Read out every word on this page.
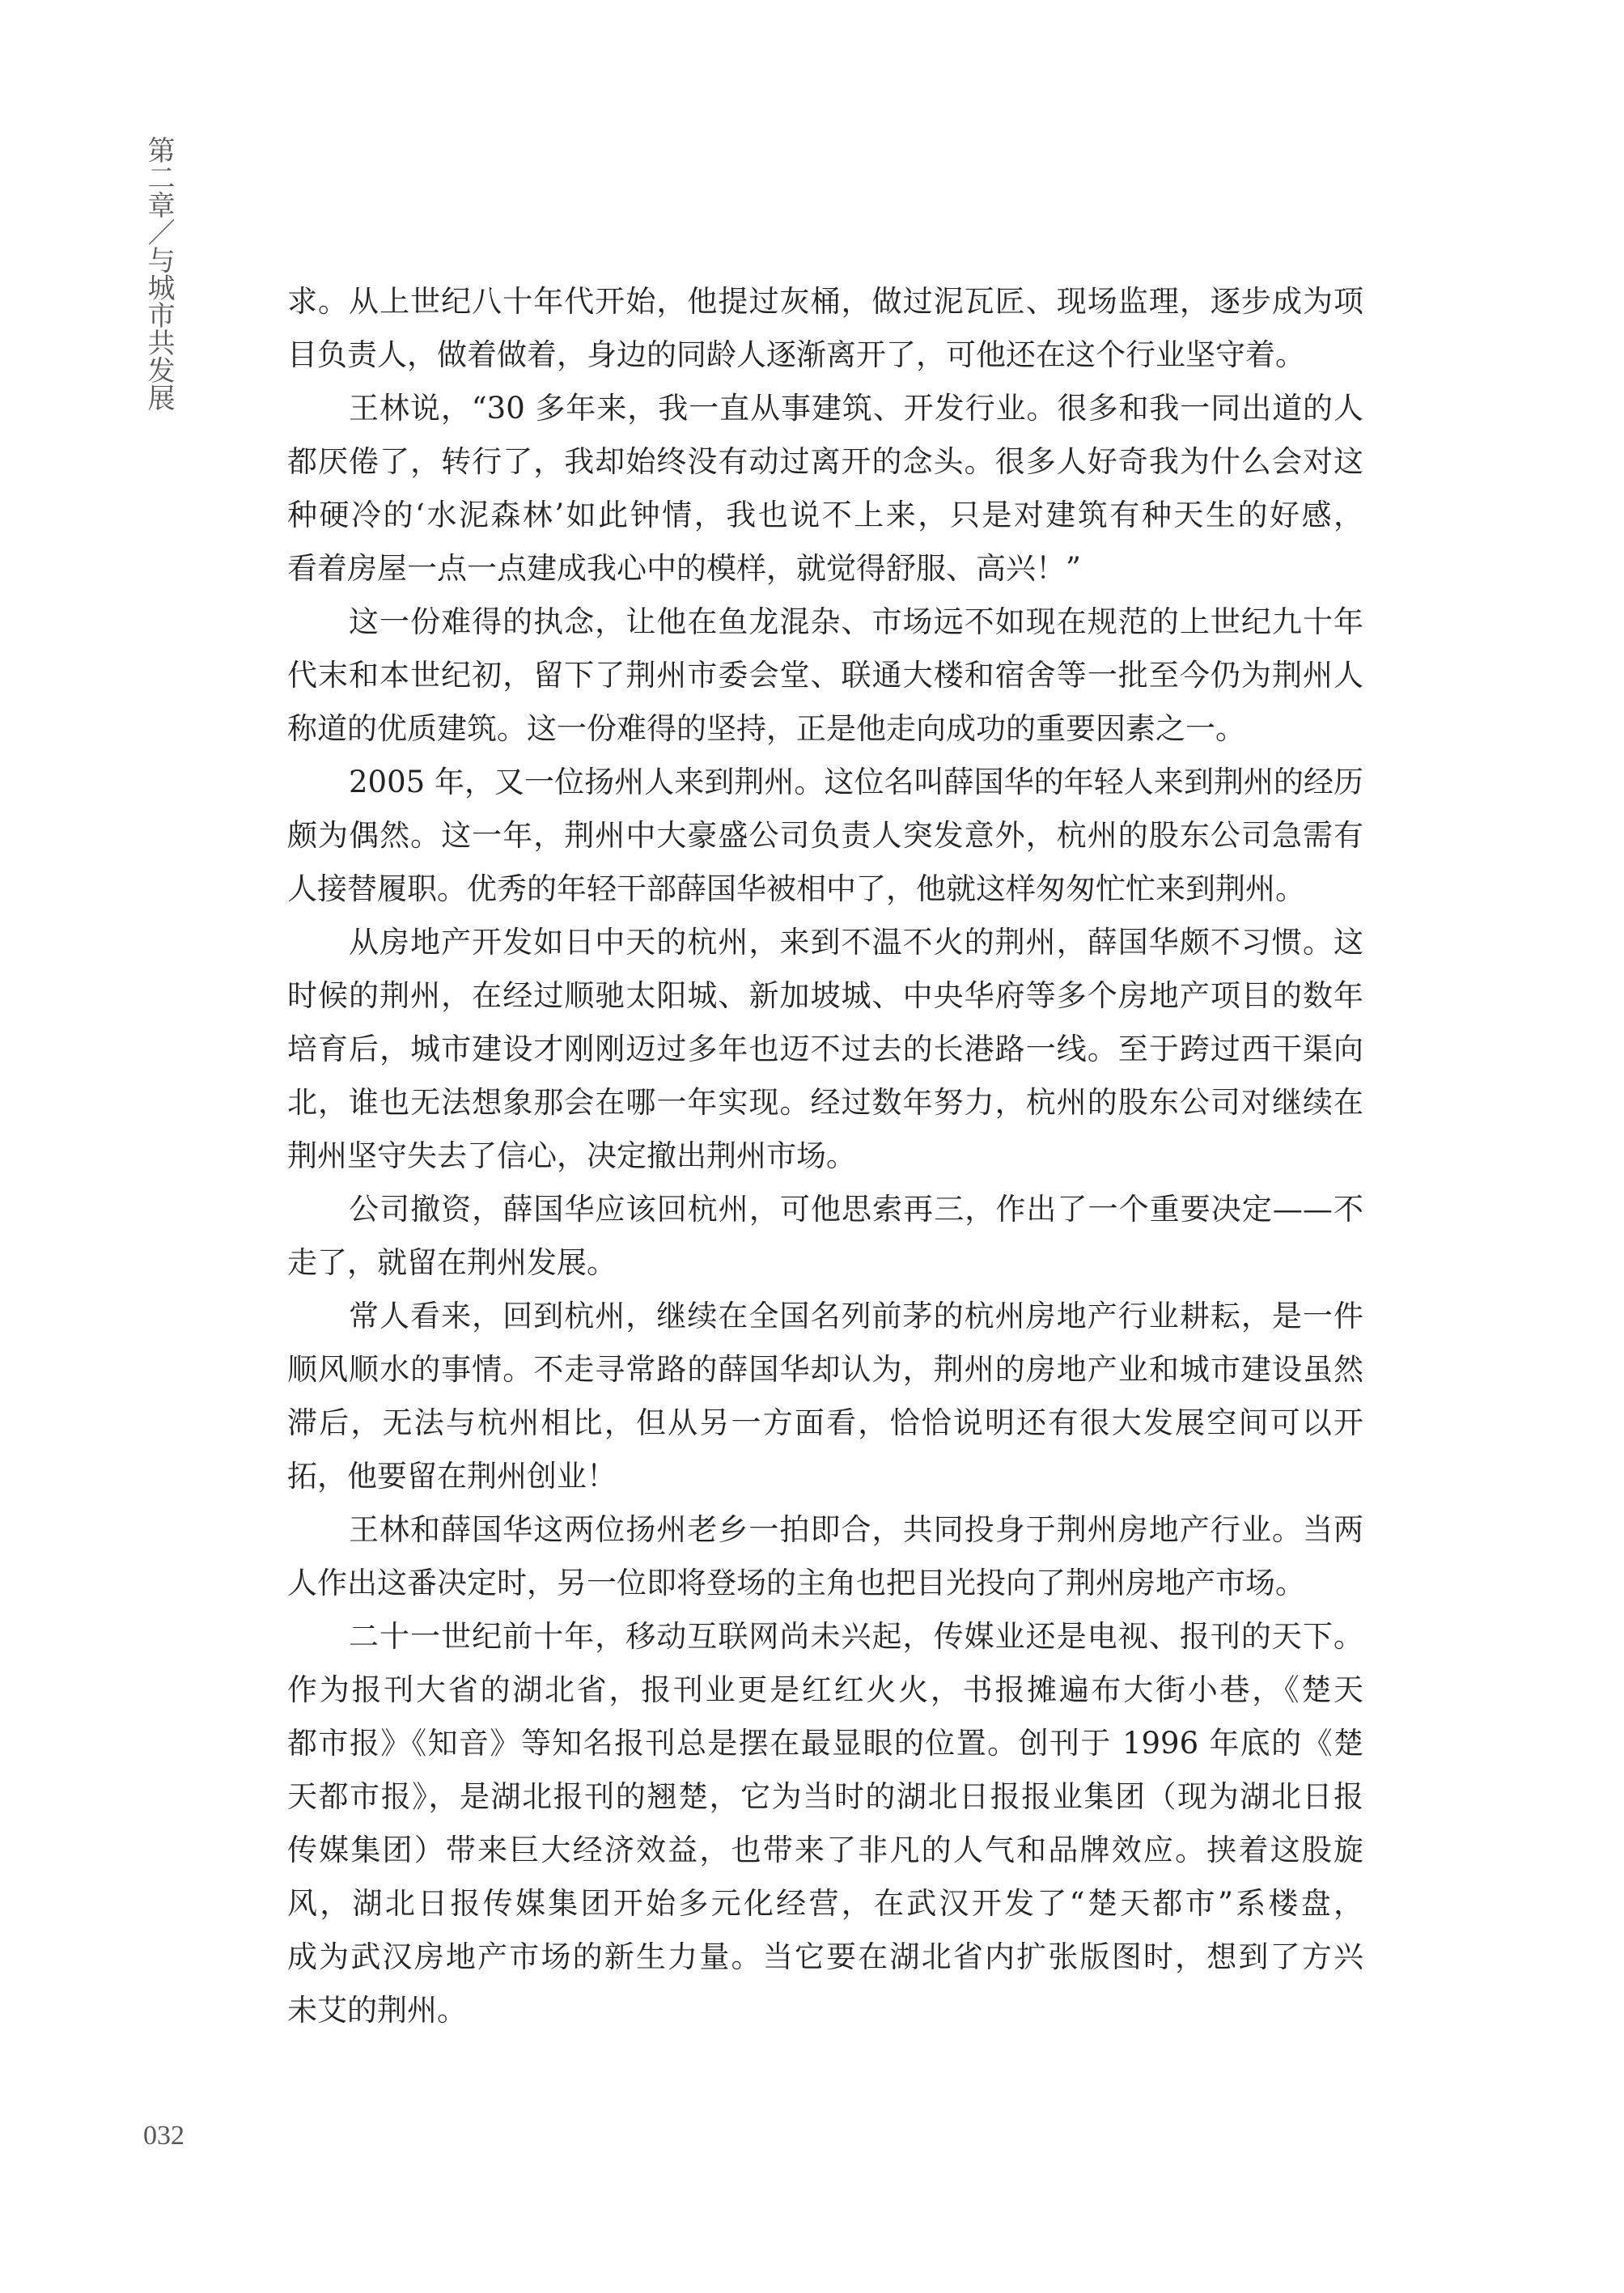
第二章／与城市共发展	求。从上世纪八十年代开始，他提过灰桶，做过泥瓦匠、现场监理，逐步成为项
目负责人，做着做着，身边的同龄人逐渐离开了，可他还在这个行业坚守着。
王林说，“30 多年来，我一直从事建筑、开发行业。很多和我一同出道的人
都厌倦了，转行了，我却始终没有动过离开的念头。很多人好奇我为什么会对这
种硬冷的‘水泥森林’如此钟情，我也说不上来，只是对建筑有种天生的好感，
看着房屋一点一点建成我心中的模样，就觉得舒服、高兴！”
这一份难得的执念，让他在鱼龙混杂、市场远不如现在规范的上世纪九十年
代末和本世纪初，留下了荆州市委会堂、联通大楼和宿舍等一批至今仍为荆州人
称道的优质建筑。这一份难得的坚持，正是他走向成功的重要因素之一。
2005 年，又一位扬州人来到荆州。这位名叫薛国华的年轻人来到荆州的经历
颇为偶然。这一年，荆州中大豪盛公司负责人突发意外，杭州的股东公司急需有
人接替履职。优秀的年轻干部薛国华被相中了，他就这样匆匆忙忙来到荆州。
从房地产开发如日中天的杭州，来到不温不火的荆州，薛国华颇不习惯。这
时候的荆州，在经过顺驰太阳城、新加坡城、中央华府等多个房地产项目的数年
培育后，城市建设才刚刚迈过多年也迈不过去的长港路一线。至于跨过西干渠向
北，谁也无法想象那会在哪一年实现。经过数年努力，杭州的股东公司对继续在
荆州坚守失去了信心，决定撤出荆州市场。
公司撤资，薛国华应该回杭州，可他思索再三，作出了一个重要决定——不
走了，就留在荆州发展。
常人看来，回到杭州，继续在全国名列前茅的杭州房地产行业耕耘，是一件
顺风顺水的事情。不走寻常路的薛国华却认为，荆州的房地产业和城市建设虽然
滞后，无法与杭州相比，但从另一方面看，恰恰说明还有很大发展空间可以开
拓，他要留在荆州创业！
王林和薛国华这两位扬州老乡一拍即合，共同投身于荆州房地产行业。当两
人作出这番决定时，另一位即将登场的主角也把目光投向了荆州房地产市场。
二十一世纪前十年，移动互联网尚未兴起，传媒业还是电视、报刊的天下。
作为报刊大省的湖北省，报刊业更是红红火火，书报摊遍布大街小巷，《楚天
都市报》《知音》等知名报刊总是摆在最显眼的位置。创刊于 1996 年底的《楚
天都市报》，是湖北报刊的翘楚，它为当时的湖北日报报业集团（现为湖北日报
传媒集团）带来巨大经济效益，也带来了非凡的人气和品牌效应。挟着这股旋
风，湖北日报传媒集团开始多元化经营，在武汉开发了“楚天都市”系楼盘，
成为武汉房地产市场的新生力量。当它要在湖北省内扩张版图时，想到了方兴
未艾的荆州。
032
